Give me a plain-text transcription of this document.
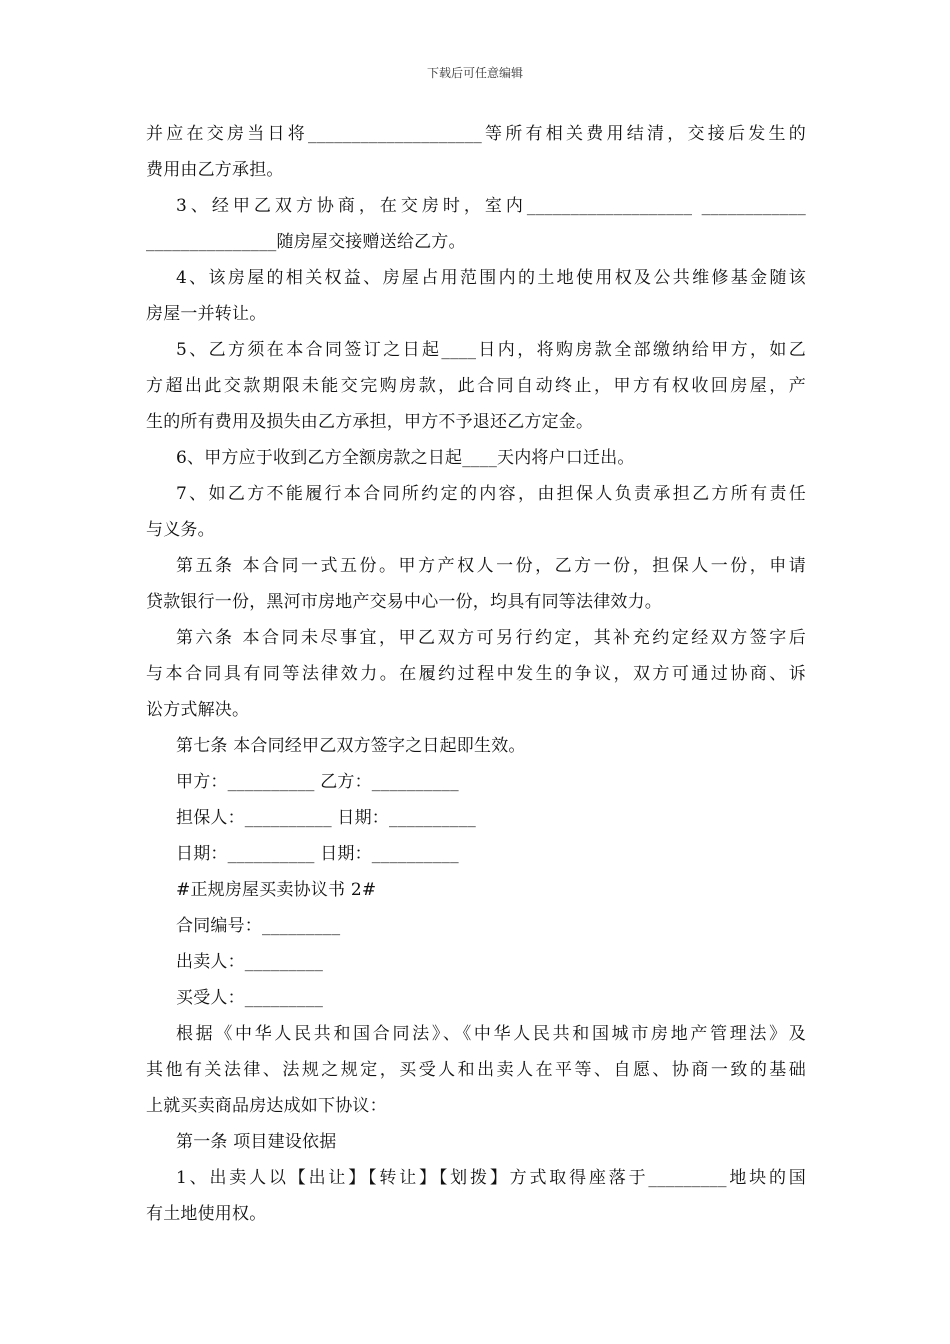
下载后可任意编辑

并应在交房当日将____________________等所有相关费用结清，交接后发生的

费用由乙方承担。

3、经甲乙双方协商，在交房时，室内___________________ ____________

_______________随房屋交接赠送给乙方。

4、该房屋的相关权益、房屋占用范围内的土地使用权及公共维修基金随该

房屋一并转让。

5、乙方须在本合同签订之日起____日内，将购房款全部缴纳给甲方，如乙

方超出此交款期限未能交完购房款，此合同自动终止，甲方有权收回房屋，产

生的所有费用及损失由乙方承担，甲方不予退还乙方定金。

6、甲方应于收到乙方全额房款之日起____天内将户口迁出。

7、如乙方不能履行本合同所约定的内容，由担保人负责承担乙方所有责任

与义务。

第五条 本合同一式五份。甲方产权人一份，乙方一份，担保人一份，申请

贷款银行一份，黑河市房地产交易中心一份，均具有同等法律效力。

第六条 本合同未尽事宜，甲乙双方可另行约定，其补充约定经双方签字后

与本合同具有同等法律效力。在履约过程中发生的争议，双方可通过协商、诉

讼方式解决。

第七条 本合同经甲乙双方签字之日起即生效。

甲方：__________ 乙方：__________

担保人：__________ 日期：__________

日期：__________ 日期：__________

#正规房屋买卖协议书 2#

合同编号：_________

出卖人：_________

买受人：_________

根据《中华人民共和国合同法》、《中华人民共和国城市房地产管理法》及

其他有关法律、法规之规定，买受人和出卖人在平等、自愿、协商一致的基础

上就买卖商品房达成如下协议：

第一条 项目建设依据

1、出卖人以【出让】【转让】【划拨】方式取得座落于_________地块的国

有土地使用权。
